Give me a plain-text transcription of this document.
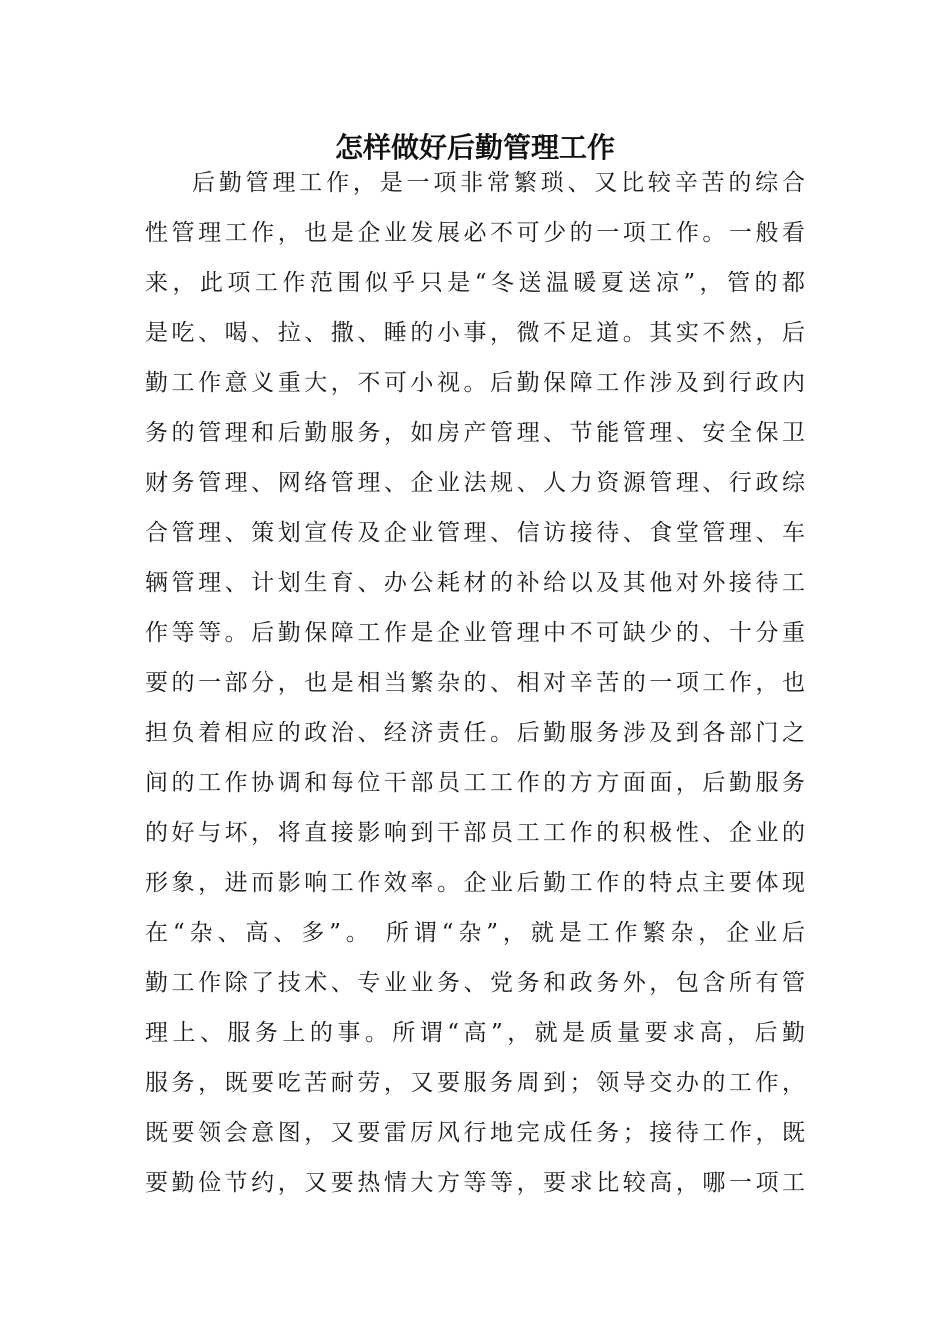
怎样做好后勤管理工作
后勤管理工作，是一项非常繁琐、又比较辛苦的综合
性管理工作，也是企业发展必不可少的一项工作。一般看
来，此项工作范围似乎只是“冬送温暖夏送凉”，管的都
是吃、喝、拉、撒、睡的小事，微不足道。其实不然，后
勤工作意义重大，不可小视。后勤保障工作涉及到行政内
务的管理和后勤服务，如房产管理、节能管理、安全保卫
财务管理、网络管理、企业法规、人力资源管理、行政综
合管理、策划宣传及企业管理、信访接待、食堂管理、车
辆管理、计划生育、办公耗材的补给以及其他对外接待工
作等等。后勤保障工作是企业管理中不可缺少的、十分重
要的一部分，也是相当繁杂的、相对辛苦的一项工作，也
担负着相应的政治、经济责任。后勤服务涉及到各部门之
间的工作协调和每位干部员工工作的方方面面，后勤服务
的好与坏，将直接影响到干部员工工作的积极性、企业的
形象，进而影响工作效率。企业后勤工作的特点主要体现
在“杂、高、多”。 所谓“杂”，就是工作繁杂，企业后
勤工作除了技术、专业业务、党务和政务外，包含所有管
理上、服务上的事。所谓“高”，就是质量要求高，后勤
服务，既要吃苦耐劳，又要服务周到；领导交办的工作，
既要领会意图，又要雷厉风行地完成任务；接待工作，既
要勤俭节约，又要热情大方等等，要求比较高，哪一项工
